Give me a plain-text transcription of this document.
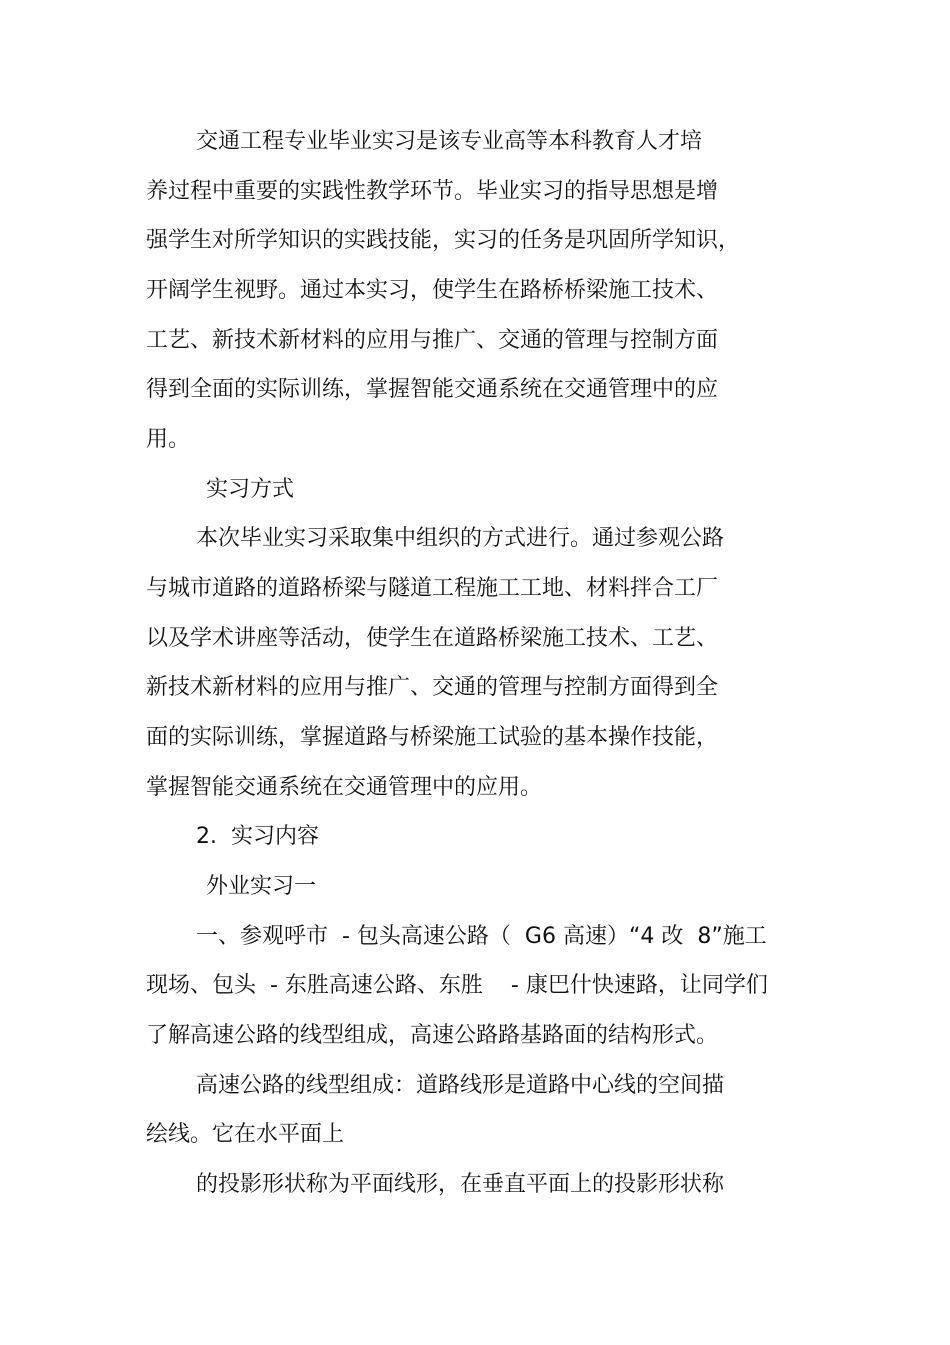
交通工程专业毕业实习是该专业高等本科教育人才培

养过程中重要的实践性教学环节。毕业实习的指导思想是增

强学生对所学知识的实践技能，实习的任务是巩固所学知识，

开阔学生视野。通过本实习，使学生在路桥桥梁施工技术、

工艺、新技术新材料的应用与推广、交通的管理与控制方面

得到全面的实际训练，掌握智能交通系统在交通管理中的应

用。

实习方式

本次毕业实习采取集中组织的方式进行。通过参观公路

与城市道路的道路桥梁与隧道工程施工工地、材料拌合工厂

以及学术讲座等活动，使学生在道路桥梁施工技术、工艺、

新技术新材料的应用与推广、交通的管理与控制方面得到全

面的实际训练，掌握道路与桥梁施工试验的基本操作技能，

掌握智能交通系统在交通管理中的应用。

2.  实习内容

外业实习一

一、参观呼市  - 包头高速公路（  G6 高速）“4 改  8”施工

现场、包头  - 东胜高速公路、东胜    - 康巴什快速路，让同学们

了解高速公路的线型组成，高速公路路基路面的结构形式。

高速公路的线型组成：道路线形是道路中心线的空间描

绘线。它在水平面上

的投影形状称为平面线形，在垂直平面上的投影形状称
